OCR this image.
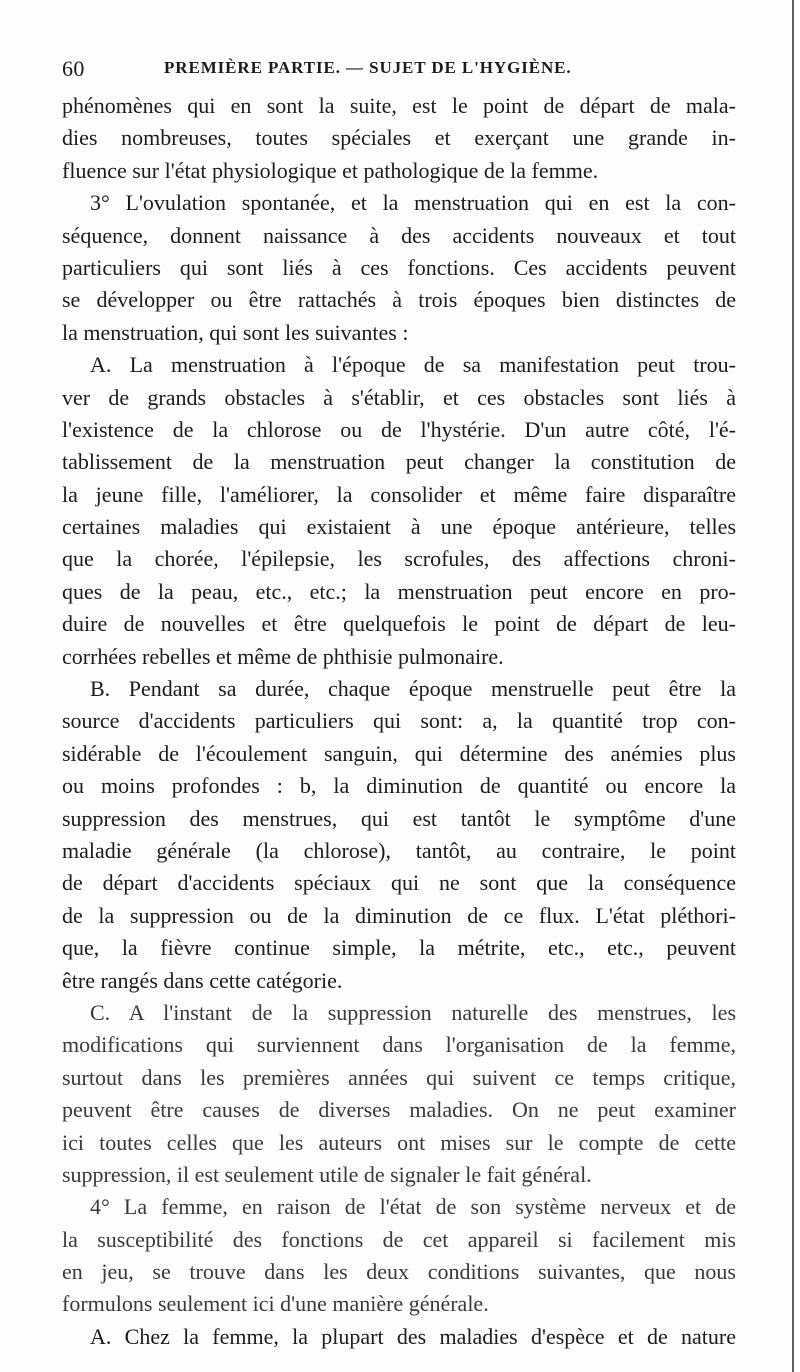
60	PREMIÈRE PARTIE. — SUJET DE L'HYGIÈNE.
phénomènes qui en sont la suite, est le point de départ de mala-
dies nombreuses, toutes spéciales et exerçant une grande in-
fluence sur l'état physiologique et pathologique de la femme.
3° L'ovulation spontanée, et la menstruation qui en est la con-
séquence, donnent naissance à des accidents nouveaux et tout
particuliers qui sont liés à ces fonctions. Ces accidents peuvent
se développer ou être rattachés à trois époques bien distinctes de
la menstruation, qui sont les suivantes :
A. La menstruation à l'époque de sa manifestation peut trou-
ver de grands obstacles à s'établir, et ces obstacles sont liés à
l'existence de la chlorose ou de l'hystérie. D'un autre côté, l'é-
tablissement de la menstruation peut changer la constitution de
la jeune fille, l'améliorer, la consolider et même faire disparaître
certaines maladies qui existaient à une époque antérieure, telles
que la chorée, l'épilepsie, les scrofules, des affections chroni-
ques de la peau, etc., etc.; la menstruation peut encore en pro-
duire de nouvelles et être quelquefois le point de départ de leu-
corrhées rebelles et même de phthisie pulmonaire.
B. Pendant sa durée, chaque époque menstruelle peut être la
source d'accidents particuliers qui sont: a, la quantité trop con-
sidérable de l'écoulement sanguin, qui détermine des anémies plus
ou moins profondes : b, la diminution de quantité ou encore la
suppression des menstrues, qui est tantôt le symptôme d'une
maladie générale (la chlorose), tantôt, au contraire, le point
de départ d'accidents spéciaux qui ne sont que la conséquence
de la suppression ou de la diminution de ce flux. L'état pléthori-
que, la fièvre continue simple, la métrite, etc., etc., peuvent
être rangés dans cette catégorie.
C. A l'instant de la suppression naturelle des menstrues, les
modifications qui surviennent dans l'organisation de la femme,
surtout dans les premières années qui suivent ce temps critique,
peuvent être causes de diverses maladies. On ne peut examiner
ici toutes celles que les auteurs ont mises sur le compte de cette
suppression, il est seulement utile de signaler le fait général.
4° La femme, en raison de l'état de son système nerveux et de
la susceptibilité des fonctions de cet appareil si facilement mis
en jeu, se trouve dans les deux conditions suivantes, que nous
formulons seulement ici d'une manière générale.
A. Chez la femme, la plupart des maladies d'espèce et de nature
